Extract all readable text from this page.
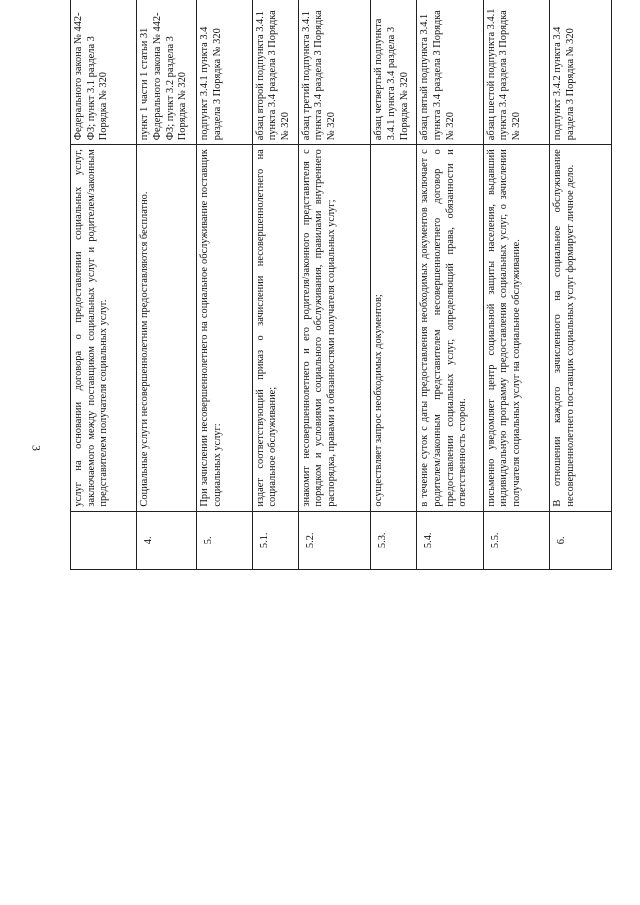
3
		услуг на основании договора о предоставлении социальных услуг, заключаемого между поставщиком социальных услуг и родителем/законным представителем получателя социальных услуг.	Федерального закона № 442-ФЗ; пункт 3.1 раздела 3 Порядка № 320					
4.	Социальные услуги несовершеннолетним предоставляются бесплатно.	пункт 1 части 1 статьи 31 Федерального закона № 442-ФЗ; пункт 3.2 раздела 3 Порядка № 320					
5.	При зачислении несовершеннолетнего на социальное обслуживание поставщик социальных услуг:	подпункт 3.4.1 пункта 3.4 раздела 3 Порядка № 320					
5.1.	издает соответствующий приказ о зачислении несовершеннолетнего на социальное обслуживание;	абзац второй подпункта 3.4.1 пункта 3.4 раздела 3 Порядка № 320					
5.2.	знакомит несовершеннолетнего и его родителя/законного представителя с порядком и условиями социального обслуживания, правилами внутреннего распорядка, правами и обязанностями получателя социальных услуг;	абзац третий подпункта 3.4.1 пункта 3.4 раздела 3 Порядка № 320					
5.3.	осуществляет запрос необходимых документов;	абзац четвертый подпункта 3.4.1 пункта 3.4 раздела 3 Порядка № 320					
5.4.	в течение суток с даты предоставления необходимых документов заключает с родителем/законным представителем несовершеннолетнего договор о предоставлении социальных услуг, определяющий права, обязанности и ответственность сторон.	абзац пятый подпункта 3.4.1 пункта 3.4 раздела 3 Порядка № 320					
5.5.	письменно уведомляет центр социальной защиты населения, выдавший индивидуальную программу предоставления социальных услуг, о зачислении получателя социальных услуг на социальное обслуживание.	абзац шестой подпункта 3.4.1 пункта 3.4 раздела 3 Порядка № 320					
6.	В отношении каждого зачисленного на социальное обслуживание несовершеннолетнего поставщик социальных услуг формирует личное дело.	подпункт 3.4.2 пункта 3.4 раздела 3 Порядка № 320					
